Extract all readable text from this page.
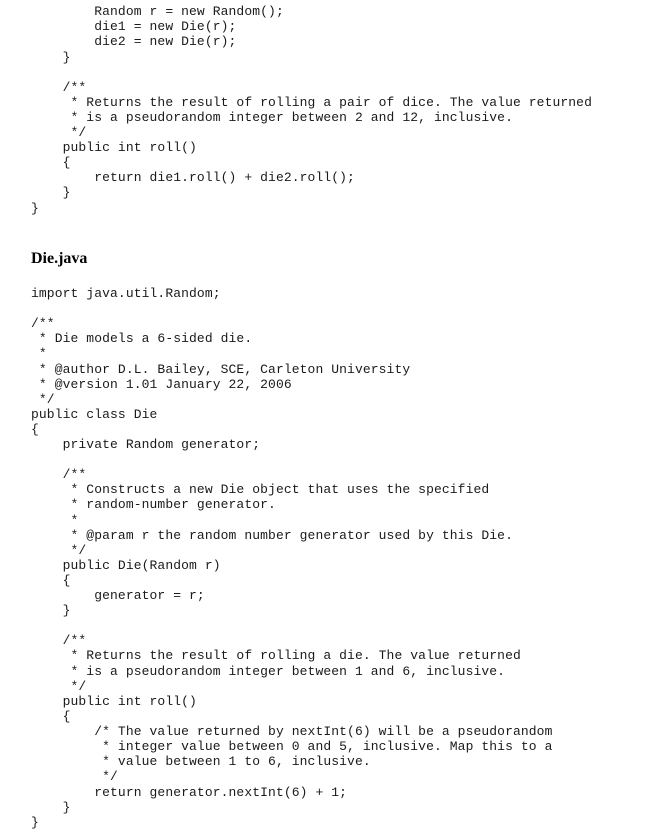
Random r = new Random();
die1 = new Die(r);
die2 = new Die(r);
}
/**
* Returns the result of rolling a pair of dice. The value returned
* is a pseudorandom integer between 2 and 12, inclusive.
*/
public int roll()
{
return die1.roll() + die2.roll();
}
}
Die.java
import java.util.Random;
/**
* Die models a 6-sided die.
*
* @author D.L. Bailey, SCE, Carleton University
* @version 1.01 January 22, 2006
*/
public class Die
{
private Random generator;
/**
* Constructs a new Die object that uses the specified
* random-number generator.
*
* @param r the random number generator used by this Die.
*/
public Die(Random r)
{
generator = r;
}
/**
* Returns the result of rolling a die. The value returned
* is a pseudorandom integer between 1 and 6, inclusive.
*/
public int roll()
{
/* The value returned by nextInt(6) will be a pseudorandom
* integer value between 0 and 5, inclusive. Map this to a
* value between 1 to 6, inclusive.
*/
return generator.nextInt(6) + 1;
}
}
